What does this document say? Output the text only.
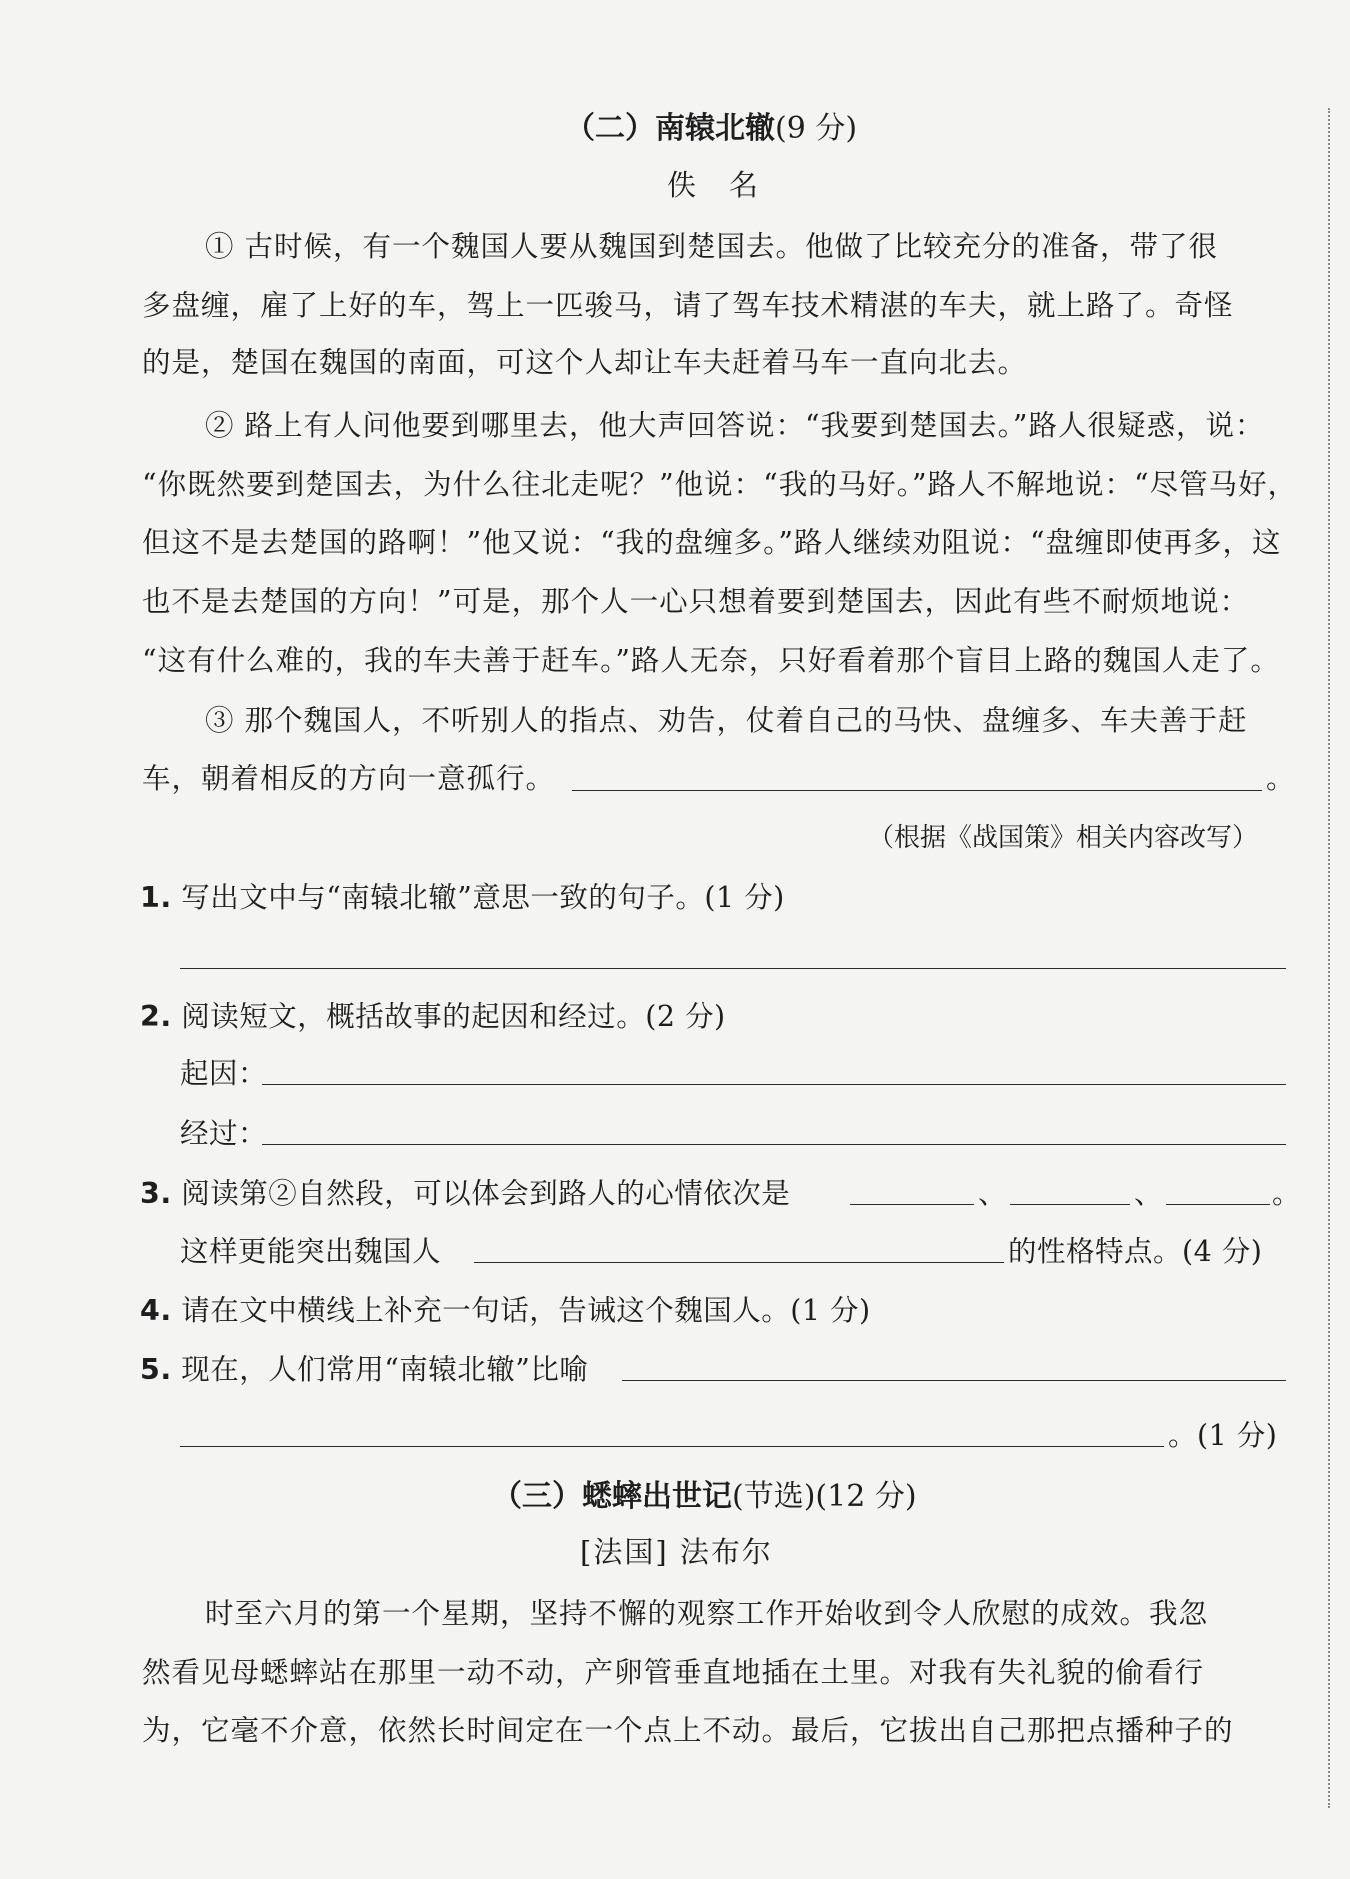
（二）南辕北辙(9 分)
佚　名
① 古时候，有一个魏国人要从魏国到楚国去。他做了比较充分的准备，带了很
多盘缠，雇了上好的车，驾上一匹骏马，请了驾车技术精湛的车夫，就上路了。奇怪
的是，楚国在魏国的南面，可这个人却让车夫赶着马车一直向北去。
② 路上有人问他要到哪里去，他大声回答说：“我要到楚国去。”路人很疑惑，说：
“你既然要到楚国去，为什么往北走呢？”他说：“我的马好。”路人不解地说：“尽管马好，
但这不是去楚国的路啊！”他又说：“我的盘缠多。”路人继续劝阻说：“盘缠即使再多，这
也不是去楚国的方向！”可是，那个人一心只想着要到楚国去，因此有些不耐烦地说：
“这有什么难的，我的车夫善于赶车。”路人无奈，只好看着那个盲目上路的魏国人走了。
③ 那个魏国人，不听别人的指点、劝告，仗着自己的马快、盘缠多、车夫善于赶
车，朝着相反的方向一意孤行。	。
（根据《战国策》相关内容改写）
1. 写出文中与“南辕北辙”意思一致的句子。(1 分)
2. 阅读短文，概括故事的起因和经过。(2 分)
起因：
经过：
3. 阅读第②自然段，可以体会到路人的心情依次是	、	、	。
这样更能突出魏国人	的性格特点。(4 分)
4. 请在文中横线上补充一句话，告诫这个魏国人。(1 分)
5. 现在，人们常用“南辕北辙”比喻
。(1 分)
（三）蟋蟀出世记(节选)(12 分)
[法国] 法布尔
时至六月的第一个星期，坚持不懈的观察工作开始收到令人欣慰的成效。我忽
然看见母蟋蟀站在那里一动不动，产卵管垂直地插在土里。对我有失礼貌的偷看行
为，它毫不介意，依然长时间定在一个点上不动。最后，它拔出自己那把点播种子的
